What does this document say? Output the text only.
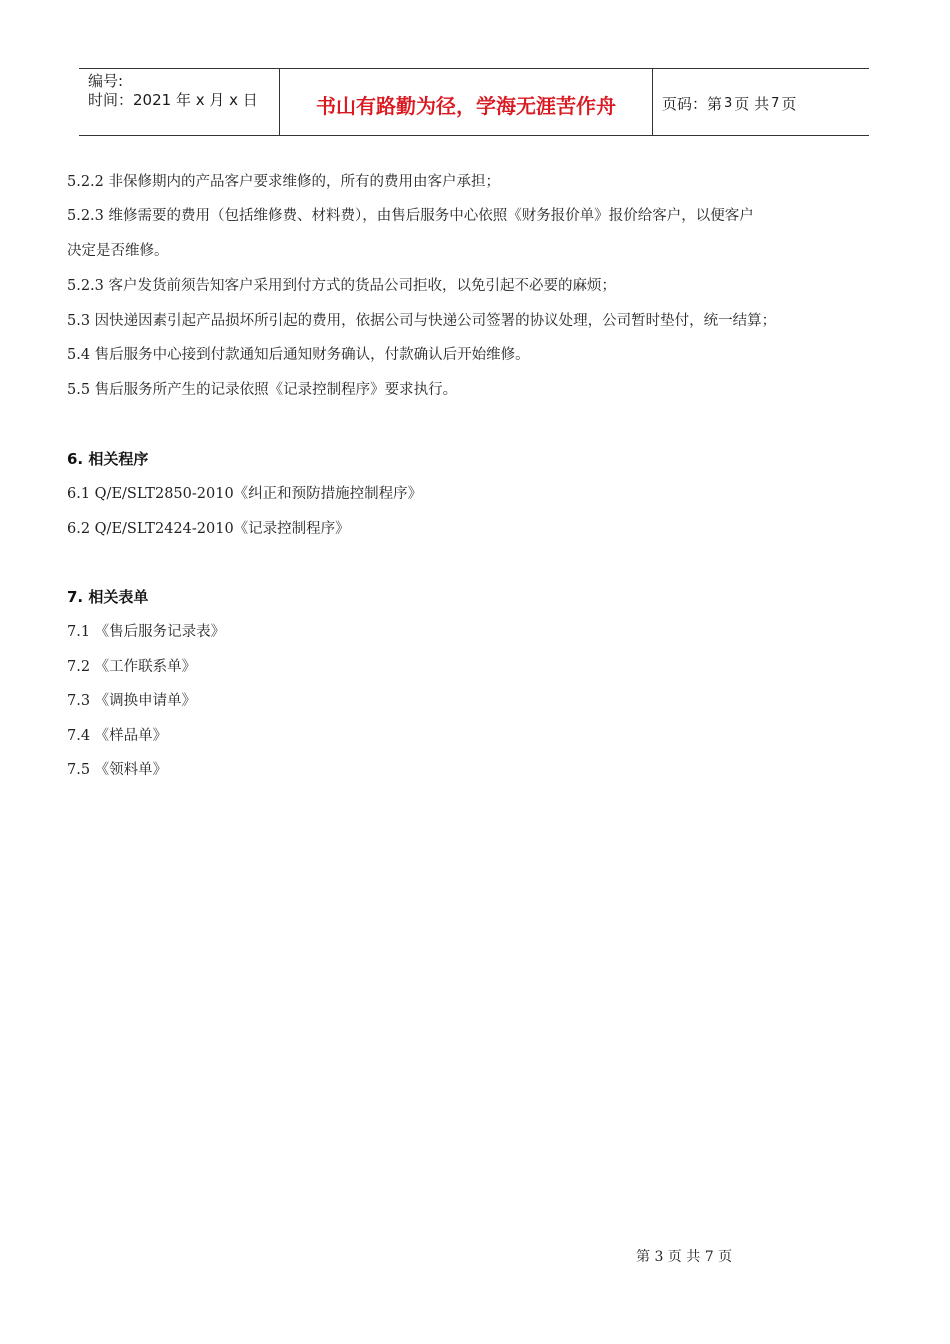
编号:
时间：2021 年 x 月 x 日	书山有路勤为径，学海无涯苦作舟	页码：第 3 页 共 7 页
5.2.2 非保修期内的产品客户要求维修的，所有的费用由客户承担；
5.2.3 维修需要的费用（包括维修费、材料费），由售后服务中心依照《财务报价单》报价给客户，以便客户
决定是否维修。
5.2.3 客户发货前须告知客户采用到付方式的货品公司拒收，以免引起不必要的麻烦；
5.3 因快递因素引起产品损坏所引起的费用，依据公司与快递公司签署的协议处理，公司暂时垫付，统一结算；
5.4 售后服务中心接到付款通知后通知财务确认，付款确认后开始维修。
5.5 售后服务所产生的记录依照《记录控制程序》要求执行。
6. 相关程序
6.1 Q/E/SLT2850-2010《纠正和预防措施控制程序》
6.2 Q/E/SLT2424-2010《记录控制程序》
7. 相关表单
7.1 《售后服务记录表》
7.2 《工作联系单》
7.3 《调换申请单》
7.4 《样品单》
7.5 《领料单》
第 3 页 共 7 页
